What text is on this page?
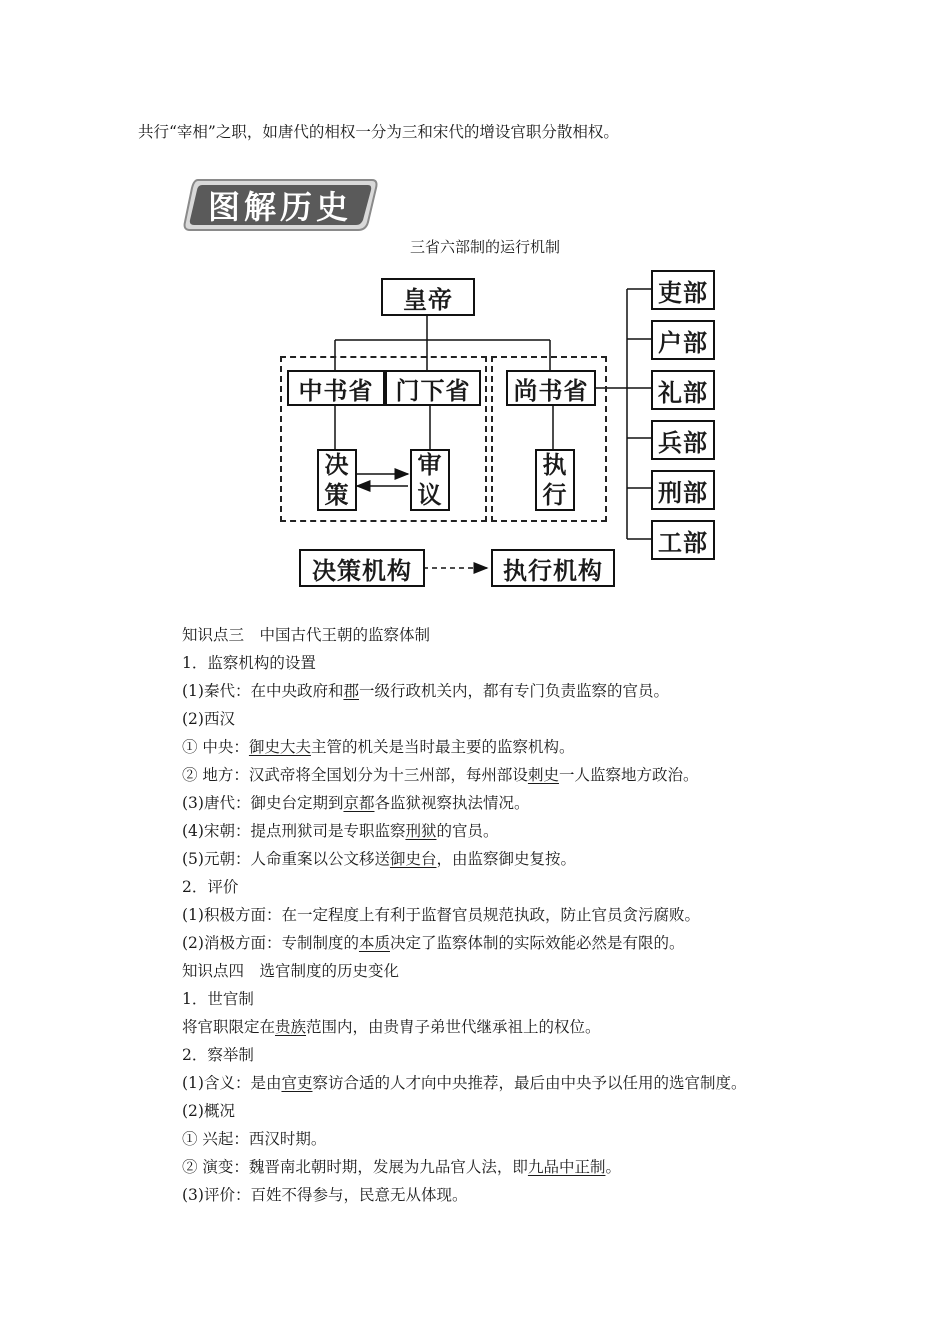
共行“宰相”之职，如唐代的相权一分为三和宋代的增设官职分散相权。
图解历史
三省六部制的运行机制
皇帝
中书省 门下省	尚书省
决
策
审
议
执
行
决策机构	执行机构
吏部
户部
礼部
兵部
刑部
工部
知识点三　中国古代王朝的监察体制
1．监察机构的设置
(1)秦代：在中央政府和郡一级行政机关内，都有专门负责监察的官员。
(2)西汉
① 中央：御史大夫主管的机关是当时最主要的监察机构。
② 地方：汉武帝将全国划分为十三州部，每州部设刺史一人监察地方政治。
(3)唐代：御史台定期到京都各监狱视察执法情况。
(4)宋朝：提点刑狱司是专职监察刑狱的官员。
(5)元朝：人命重案以公文移送御史台，由监察御史复按。
2．评价
(1)积极方面：在一定程度上有利于监督官员规范执政，防止官员贪污腐败。
(2)消极方面：专制制度的本质决定了监察体制的实际效能必然是有限的。
知识点四　选官制度的历史变化
1．世官制
将官职限定在贵族范围内，由贵胄子弟世代继承祖上的权位。
2．察举制
(1)含义：是由官吏察访合适的人才向中央推荐，最后由中央予以任用的选官制度。
(2)概况
① 兴起：西汉时期。
② 演变：魏晋南北朝时期，发展为九品官人法，即九品中正制。
(3)评价：百姓不得参与，民意无从体现。
